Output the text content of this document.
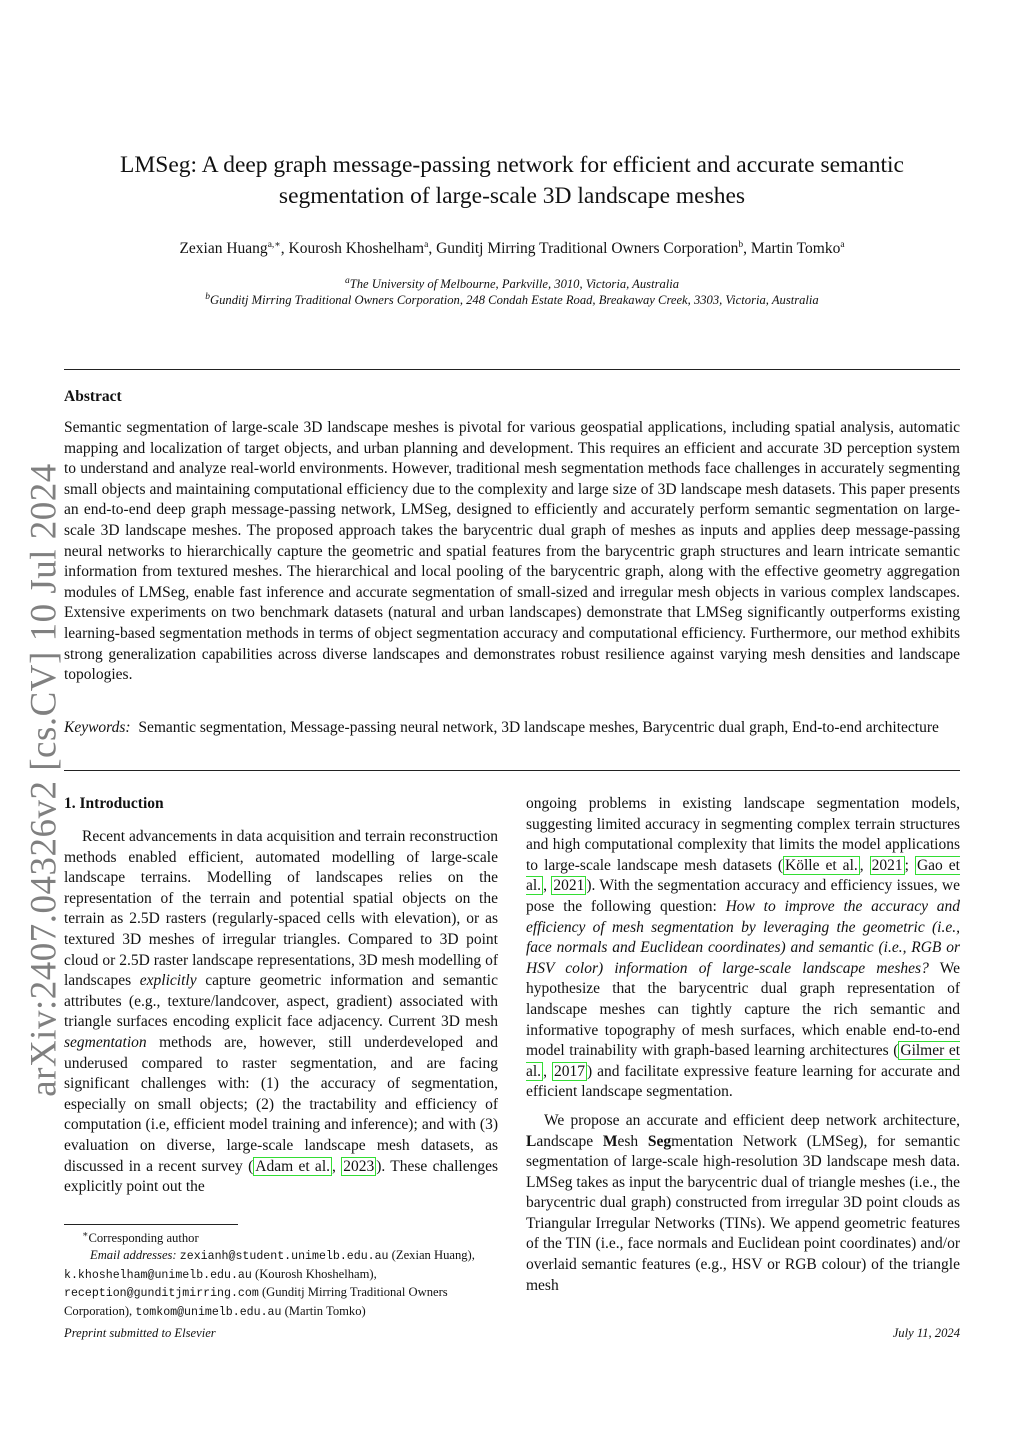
arXiv:2407.04326v2 [cs.CV] 10 Jul 2024
LMSeg: A deep graph message-passing network for efficient and accurate semantic
segmentation of large-scale 3D landscape meshes
Zexian Huang$^{a,∗}$, Kourosh Khoshelham$^a$, Gunditj Mirring Traditional Owners Corporation$^b$, Martin Tomko$^a$
$^a$The University of Melbourne, Parkville, 3010, Victoria, Australia
$^b$Gunditj Mirring Traditional Owners Corporation, 248 Condah Estate Road, Breakaway Creek, 3303, Victoria, Australia
Abstract
Semantic segmentation of large-scale 3D landscape meshes is pivotal for various geospatial applications, including spatial analysis, automatic mapping and localization of target objects, and urban planning and development. This requires an efficient and accurate 3D perception system to understand and analyze real-world environments. However, traditional mesh segmentation methods face challenges in accurately segmenting small objects and maintaining computational efficiency due to the complexity and large size of 3D landscape mesh datasets. This paper presents an end-to-end deep graph message-passing network, LMSeg, designed to efficiently and accurately perform semantic segmentation on large-scale 3D landscape meshes. The proposed approach takes the barycentric dual graph of meshes as inputs and applies deep message-passing neural networks to hierarchically capture the geometric and spatial features from the barycentric graph structures and learn intricate semantic information from textured meshes. The hierarchical and local pooling of the barycentric graph, along with the effective geometry aggregation modules of LMSeg, enable fast inference and accurate segmentation of small-sized and irregular mesh objects in various complex landscapes. Extensive experiments on two benchmark datasets (natural and urban landscapes) demonstrate that LMSeg significantly outperforms existing learning-based segmentation methods in terms of object segmentation accuracy and computational efficiency. Furthermore, our method exhibits strong generalization capabilities across diverse landscapes and demonstrates robust resilience against varying mesh densities and landscape topologies.
Keywords: Semantic segmentation, Message-passing neural network, 3D landscape meshes, Barycentric dual graph, End-to-end architecture
1. Introduction

Recent advancements in data acquisition and terrain reconstruction methods enabled efficient, automated modelling of large-scale landscape terrains. Modelling of landscapes relies on the representation of the terrain and potential spatial objects on the terrain as 2.5D rasters (regularly-spaced cells with elevation), or as textured 3D meshes of irregular triangles. Compared to 3D point cloud or 2.5D raster landscape representations, 3D mesh modelling of landscapes explicitly capture geometric information and semantic attributes (e.g., texture/landcover, aspect, gradient) associated with triangle surfaces encoding explicit face adjacency. Current 3D mesh segmentation methods are, however, still underdeveloped and underused compared to raster segmentation, and are facing significant challenges with: (1) the accuracy of segmentation, especially on small objects; (2) the tractability and efficiency of computation (i.e, efficient model training and inference); and with (3) evaluation on diverse, large-scale landscape mesh datasets, as discussed in a recent survey ( Adam et al. , 2023 ). These challenges explicitly point out the

ongoing problems in existing landscape segmentation models, suggesting limited accuracy in segmenting complex terrain structures and high computational complexity that limits the model applications to large-scale landscape mesh datasets ( Kölle et al. , 2021 ; Gao et al. , 2021 ). With the segmentation accuracy and efficiency issues, we pose the following question: How to improve the accuracy and efficiency of mesh segmentation by leveraging the geometric (i.e., face normals and Euclidean coordinates) and semantic (i.e., RGB or HSV color) information of large-scale landscape meshes? We hypothesize that the barycentric dual graph representation of landscape meshes can tightly capture the rich semantic and informative topography of mesh surfaces, which enable end-to-end model trainability with graph-based learning architectures ( Gilmer et al. , 2017 ) and facilitate expressive feature learning for accurate and efficient landscape segmentation.

We propose an accurate and efficient deep network architecture, Landscape Mesh Segmentation Network (LMSeg), for semantic segmentation of large-scale high-resolution 3D landscape mesh data. LMSeg takes as input the barycentric dual of triangle meshes (i.e., the barycentric dual graph) constructed from irregular 3D point clouds as Triangular Irregular Networks (TINs). We append geometric features of the TIN (i.e., face normals and Euclidean point coordinates) and/or overlaid semantic features (e.g., HSV or RGB colour) of the triangle mesh

∗Corresponding author
Email addresses: zexianh@student.unimelb.edu.au (Zexian Huang), k.khoshelham@unimelb.edu.au (Kourosh Khoshelham), reception@gunditjmirring.com (Gunditj Mirring Traditional Owners Corporation), tomkom@unimelb.edu.au (Martin Tomko)
Preprint submitted to Elsevier	July 11, 2024
